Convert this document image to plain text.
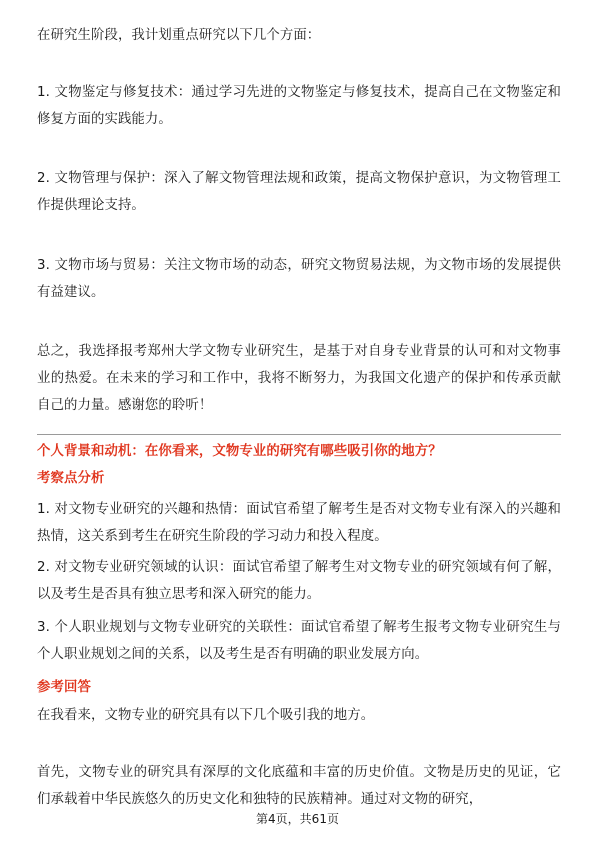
在研究生阶段，我计划重点研究以下几个方面：

1. 文物鉴定与修复技术：通过学习先进的文物鉴定与修复技术，提高自己在文物鉴定和修复方面的实践能力。

2. 文物管理与保护：深入了解文物管理法规和政策，提高文物保护意识，为文物管理工作提供理论支持。

3. 文物市场与贸易：关注文物市场的动态，研究文物贸易法规，为文物市场的发展提供有益建议。

总之，我选择报考郑州大学文物专业研究生，是基于对自身专业背景的认可和对文物事业的热爱。在未来的学习和工作中，我将不断努力，为我国文化遗产的保护和传承贡献自己的力量。感谢您的聆听！

个人背景和动机：在你看来，文物专业的研究有哪些吸引你的地方？

考察点分析

1. 对文物专业研究的兴趣和热情：面试官希望了解考生是否对文物专业有深入的兴趣和热情，这关系到考生在研究生阶段的学习动力和投入程度。

2. 对文物专业研究领域的认识：面试官希望了解考生对文物专业的研究领域有何了解，以及考生是否具有独立思考和深入研究的能力。

3. 个人职业规划与文物专业研究的关联性：面试官希望了解考生报考文物专业研究生与个人职业规划之间的关系，以及考生是否有明确的职业发展方向。

参考回答

在我看来，文物专业的研究具有以下几个吸引我的地方。

首先，文物专业的研究具有深厚的文化底蕴和丰富的历史价值。文物是历史的见证，它们承载着中华民族悠久的历史文化和独特的民族精神。通过对文物的研究，

第4页，共61页
